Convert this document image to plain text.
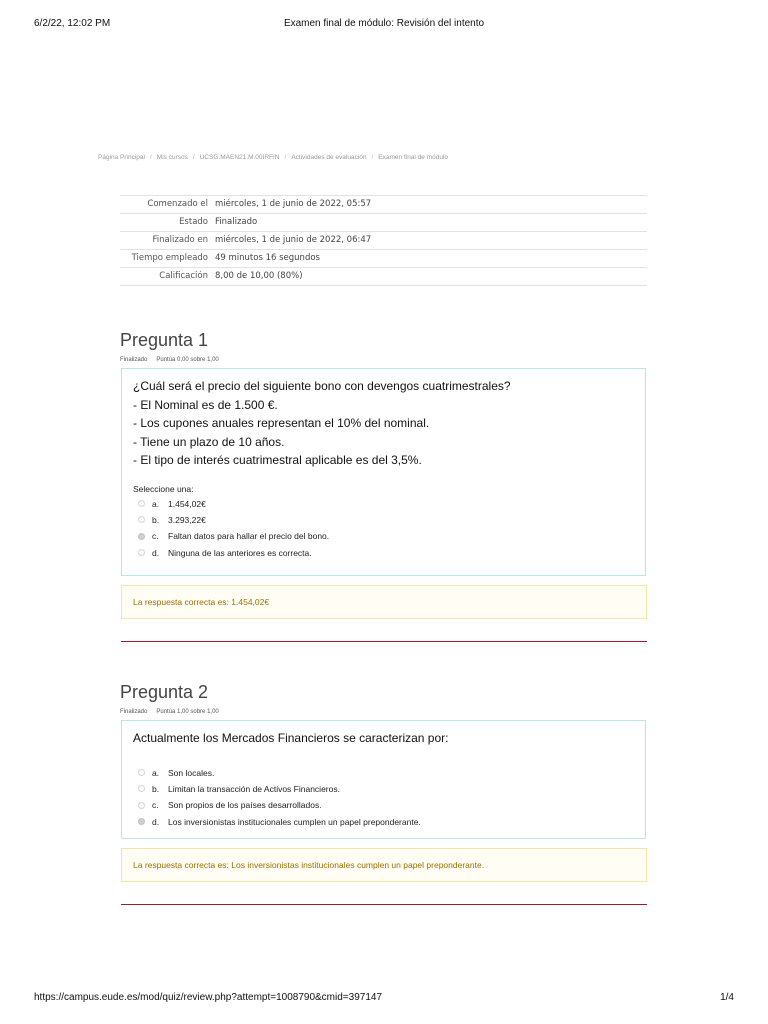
6/2/22, 12:02 PM	Examen final de módulo: Revisión del intento
Página Principal / Mis cursos / UCSG.MAEN21.M.00IRFIN / Actividades de evaluación / Examen final de módulo
Comenzado el miércoles, 1 de junio de 2022, 05:57
Estado Finalizado
Finalizado en miércoles, 1 de junio de 2022, 06:47
Tiempo empleado 49 minutos 16 segundos
Calificación 8,00 de 10,00 (80%)
Pregunta 1
Finalizado Puntúa 0,00 sobre 1,00
¿Cuál será el precio del siguiente bono con devengos cuatrimestrales?
- El Nominal es de 1.500 €.
- Los cupones anuales representan el 10% del nominal.
- Tiene un plazo de 10 años.
- El tipo de interés cuatrimestral aplicable es del 3,5%.
Seleccione una:
a.	1.454,02€
b.	3.293,22€
c.	Faltan datos para hallar el precio del bono.
d.	Ninguna de las anteriores es correcta.
La respuesta correcta es: 1.454,02€
Pregunta 2
Finalizado Puntúa 1,00 sobre 1,00
Actualmente los Mercados Financieros se caracterizan por:
a.	Son locales.
b.	Limitan la transacción de Activos Financieros.
c.	Son propios de los países desarrollados.
d.	Los inversionistas institucionales cumplen un papel preponderante.
La respuesta correcta es: Los inversionistas institucionales cumplen un papel preponderante.
https://campus.eude.es/mod/quiz/review.php?attempt=1008790&cmid=397147	1/4
